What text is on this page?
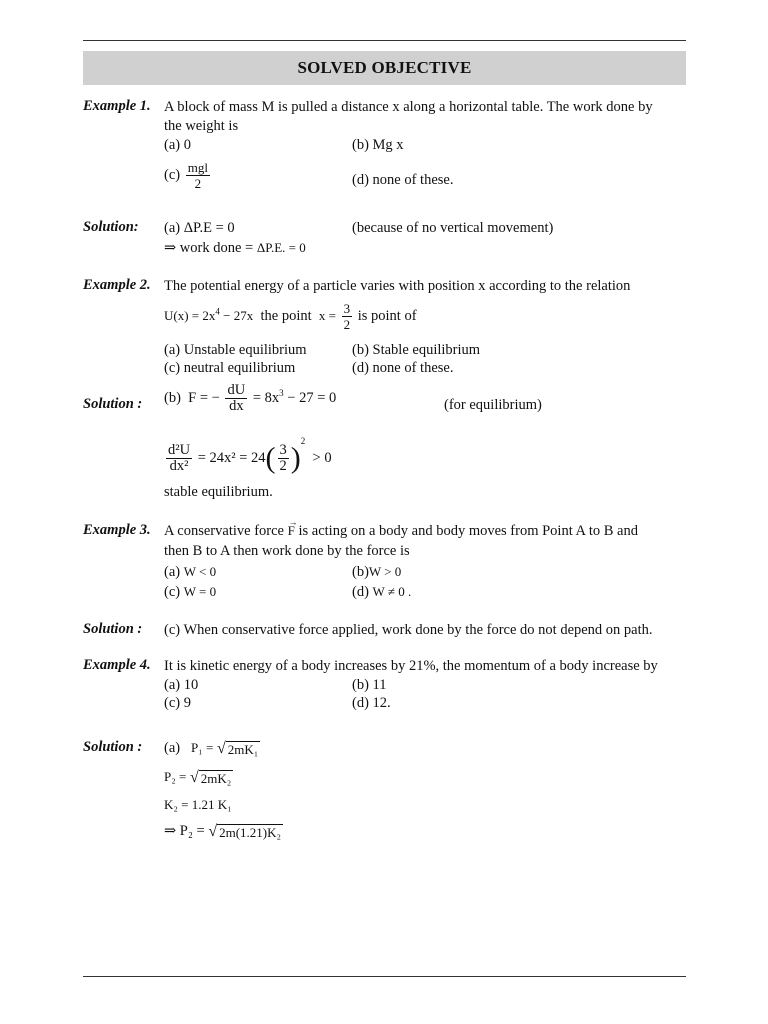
SOLVED OBJECTIVE
Example 1. A block of mass M is pulled a distance x along a horizontal table. The work done by
the weight is
(a) 0	(b) Mg x
$(c) \frac{\text{mgl}}{2}$	(d) none of these.
Solution: (a) ΔP.E = 0	(because of no vertical movement)
⇒ work done = ΔP.E. = 0
Example 2. The potential energy of a particle varies with position x according to the relation
$U(x) = 2x^4 - 27x$ the point $x = \frac{3}{2}$ is point of
(a) Unstable equilibrium	(b) Stable equilibrium
(c) neutral equilibrium	(d) none of these.
Solution : (b) F = − $\frac{dU}{dx} = 8x^3 - 27 = 0$	(for equilibrium)
$\frac{\text{d²U}}{\text{dx²}} = 24x^2 = 24( \frac{3}{2} )^2 > 0$
stable equilibrium.
Example 3. A conservative force
→
F is acting on a body and body moves from Point A to B and
then B to A then work done by the force is
(a) W < 0	(b)W > 0
(c) W = 0	(d) W ≠ 0 .
Solution : (c) When conservative force applied, work done by the force do not depend on path.
Example 4. It is kinetic energy of a body increases by 21%, the momentum of a body increase by
(a) 10	(b) 11
(c) 9	(d) 12.
Solution : (a) P₁ = √ 2mK₁
P₂ = √ 2mK₂
K₂ = 1.21 K₁
⇒ P₂ = √ 2m(1.21)K₂
